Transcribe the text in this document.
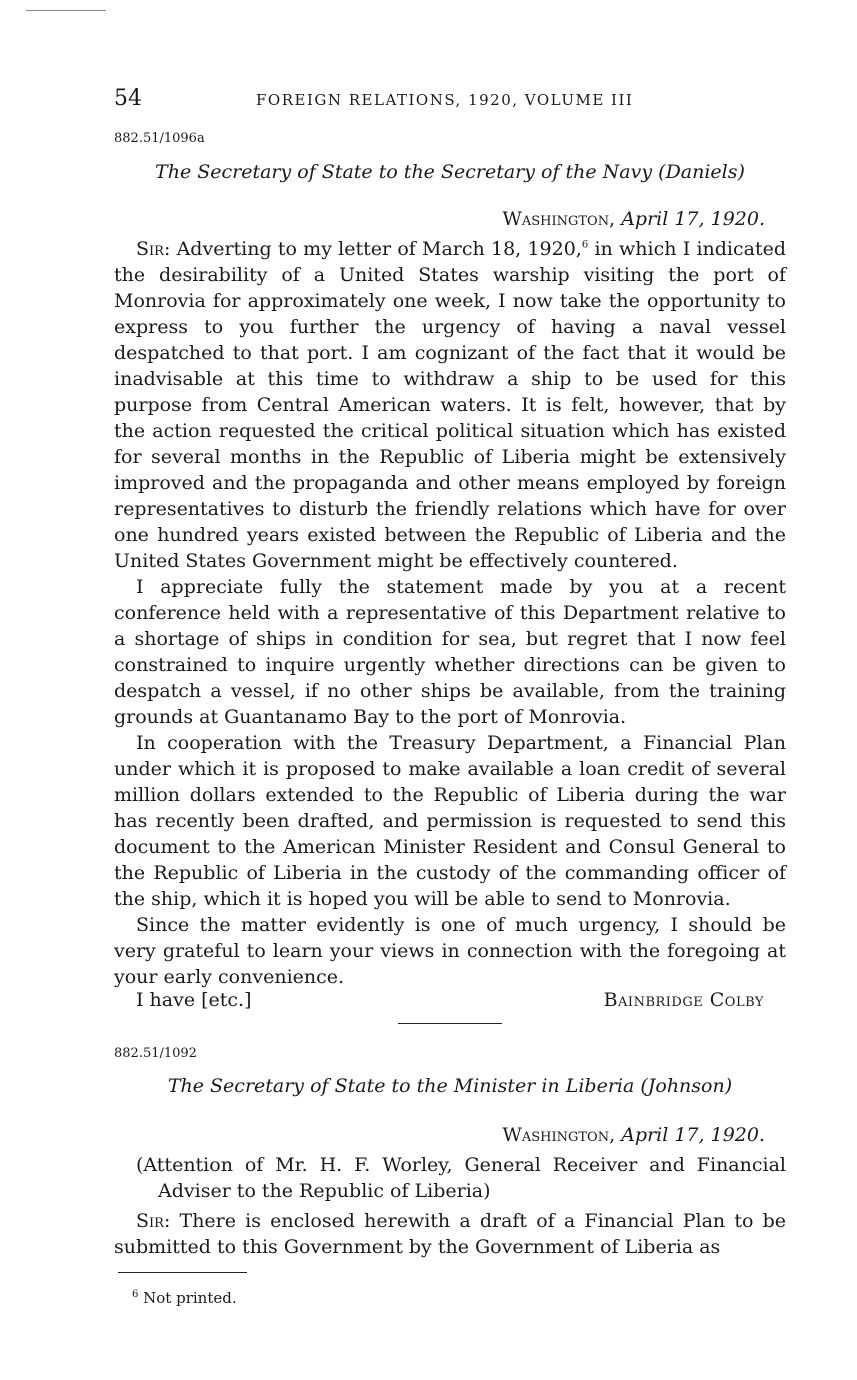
54	FOREIGN RELATIONS, 1920, VOLUME III
882.51/1096a
The Secretary of State to the Secretary of the Navy (Daniels)
Washington, April 17, 1920.

Sir: Adverting to my letter of March 18, 1920,$^6$ in which I indicated the desirability of a United States warship visiting the port of Monrovia for approximately one week, I now take the opportunity to express to you further the urgency of having a naval vessel despatched to that port. I am cognizant of the fact that it would be inadvisable at this time to withdraw a ship to be used for this purpose from Central American waters. It is felt, however, that by the action requested the critical political situation which has existed for several months in the Republic of Liberia might be extensively improved and the propaganda and other means employed by foreign representatives to disturb the friendly relations which have for over one hundred years existed between the Republic of Liberia and the United States Government might be effectively countered.

I appreciate fully the statement made by you at a recent conference held with a representative of this Department relative to a shortage of ships in condition for sea, but regret that I now feel constrained to inquire urgently whether directions can be given to despatch a vessel, if no other ships be available, from the training grounds at Guantanamo Bay to the port of Monrovia.

In cooperation with the Treasury Department, a Financial Plan under which it is proposed to make available a loan credit of several million dollars extended to the Republic of Liberia during the war has recently been drafted, and permission is requested to send this document to the American Minister Resident and Consul General to the Republic of Liberia in the custody of the commanding officer of the ship, which it is hoped you will be able to send to Monrovia.

Since the matter evidently is one of much urgency, I should be very grateful to learn your views in connection with the foregoing at your early convenience.

I have [etc.]	Bainbridge Colby
882.51/1092
The Secretary of State to the Minister in Liberia (Johnson)
Washington, April 17, 1920.
(Attention of Mr. H. F. Worley, General Receiver and Financial Adviser to the Republic of Liberia)

Sir: There is enclosed herewith a draft of a Financial Plan to be submitted to this Government by the Government of Liberia as

$^6$ Not printed.
